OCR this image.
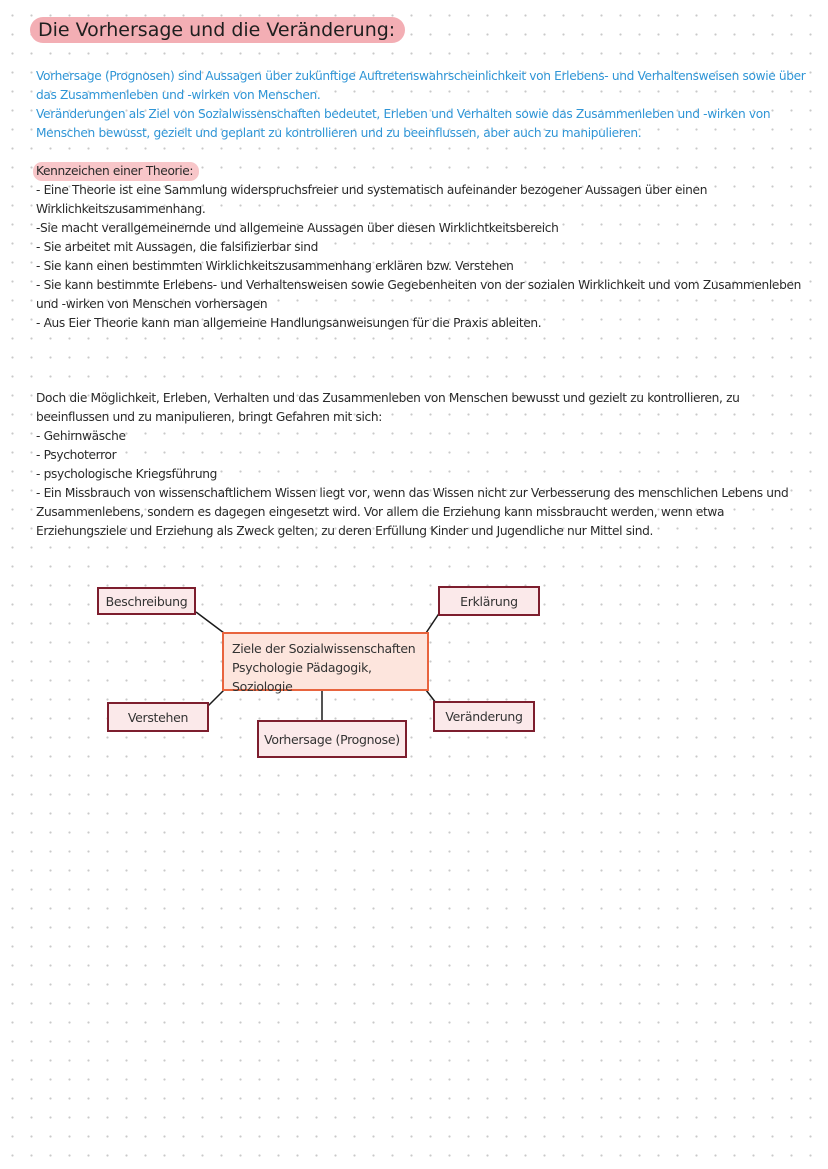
Die Vorhersage und die Veränderung:

Vorhersage (Prognosen) sind Aussagen über zukünftige Auftretenswahrscheinlichkeit von Erlebens- und Verhaltensweisen sowie über das Zusammenleben und -wirken von Menschen.

Veränderungen als Ziel von Sozialwissenschaften bedeutet, Erleben und Verhalten sowie das Zusammenleben und -wirken von Menschen bewusst, gezielt und geplant zu kontrollieren und zu beeinflussen, aber auch zu manipulieren.

Kennzeichen einer Theorie:
- Eine Theorie ist eine Sammlung widerspruchsfreier und systematisch aufeinander bezogener Aussagen über einen Wirklichkeitszusammenhang.
-Sie macht verallgemeinernde und allgemeine Aussagen über diesen Wirklichtkeitsbereich
- Sie arbeitet mit Aussagen, die falsifizierbar sind
- Sie kann einen bestimmten Wirklichkeitszusammenhang erklären bzw. Verstehen
- Sie kann bestimmte Erlebens- und Verhaltensweisen sowie Gegebenheiten von der sozialen Wirklichkeit und vom Zusammenleben und -wirken von Menschen vorhersagen
- Aus Eier Theorie kann man allgemeine Handlungsanweisungen für die Praxis ableiten.

Doch die Möglichkeit, Erleben, Verhalten und das Zusammenleben von Menschen bewusst und gezielt zu kontrollieren, zu beeinflussen und zu manipulieren, bringt Gefahren mit sich:

- Gehirnwäsche
- Psychoterror
- psychologische Kriegsführung
- Ein Missbrauch von wissenschaftlichem Wissen liegt vor, wenn das Wissen nicht zur Verbesserung des menschlichen Lebens und Zusammenlebens, sondern es dagegen eingesetzt wird. Vor allem die Erziehung kann missbraucht werden, wenn etwa Erziehungsziele und Erziehung als Zweck gelten, zu deren Erfüllung Kinder und Jugendliche nur Mittel sind.
Ziele der Sozialwissenschaften
Psychologie Pädagogik, Soziologie
Beschreibung	Erklärung
Verstehen	Veränderung
Vorhersage (Prognose)
